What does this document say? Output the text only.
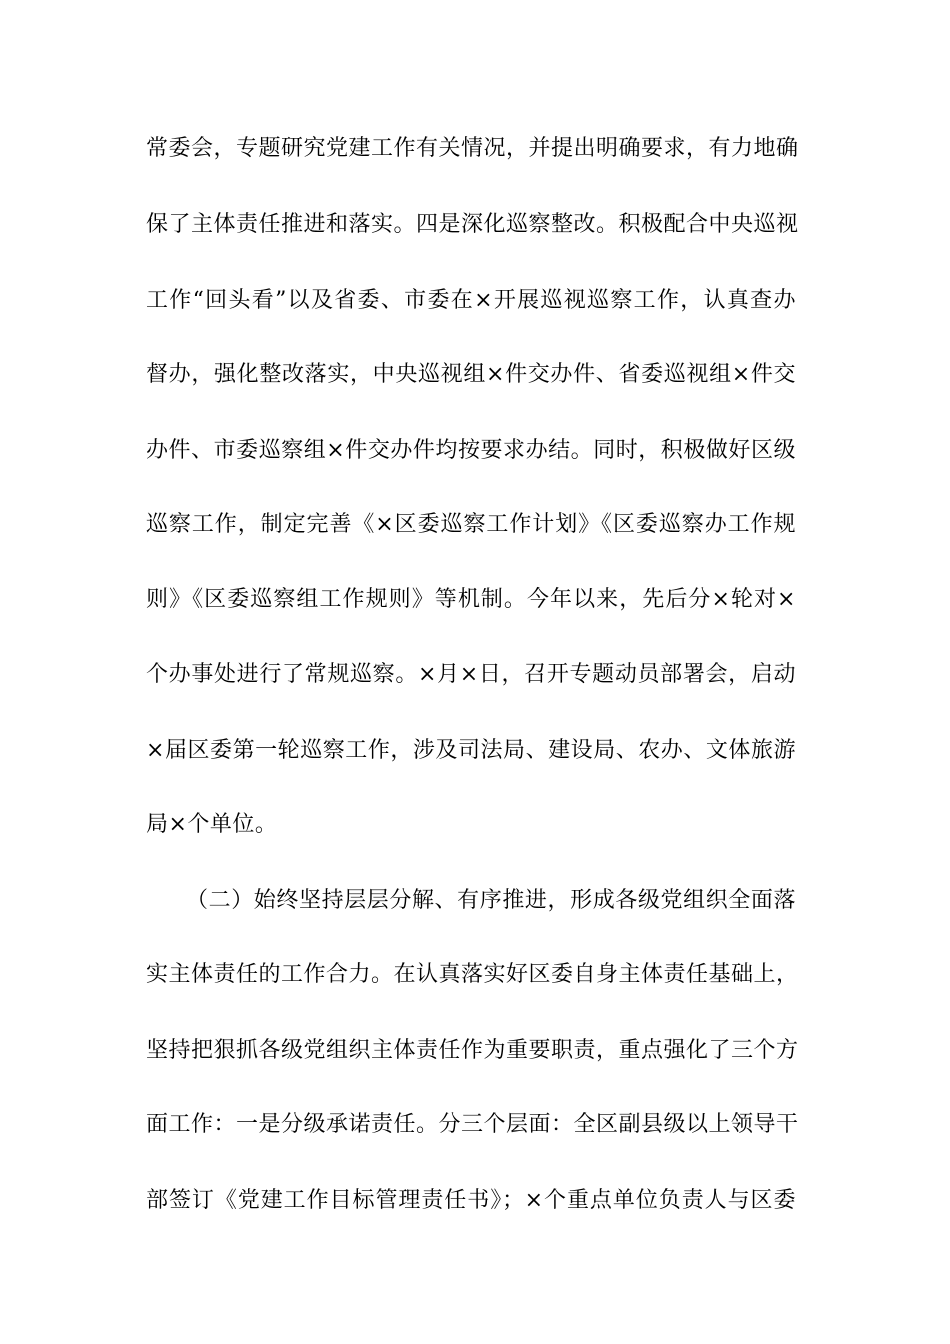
常委会，专题研究党建工作有关情况，并提出明确要求，有力地确
保了主体责任推进和落实。四是深化巡察整改。积极配合中央巡视
工作“回头看”以及省委、市委在×开展巡视巡察工作，认真查办
督办，强化整改落实，中央巡视组×件交办件、省委巡视组×件交
办件、市委巡察组×件交办件均按要求办结。同时，积极做好区级
巡察工作，制定完善《×区委巡察工作计划》《区委巡察办工作规
则》《区委巡察组工作规则》等机制。今年以来，先后分×轮对×
个办事处进行了常规巡察。×月×日，召开专题动员部署会，启动
×届区委第一轮巡察工作，涉及司法局、建设局、农办、文体旅游
局×个单位。
（二）始终坚持层层分解、有序推进，形成各级党组织全面落
实主体责任的工作合力。在认真落实好区委自身主体责任基础上，
坚持把狠抓各级党组织主体责任作为重要职责，重点强化了三个方
面工作：一是分级承诺责任。分三个层面：全区副县级以上领导干
部签订《党建工作目标管理责任书》；×个重点单位负责人与区委
